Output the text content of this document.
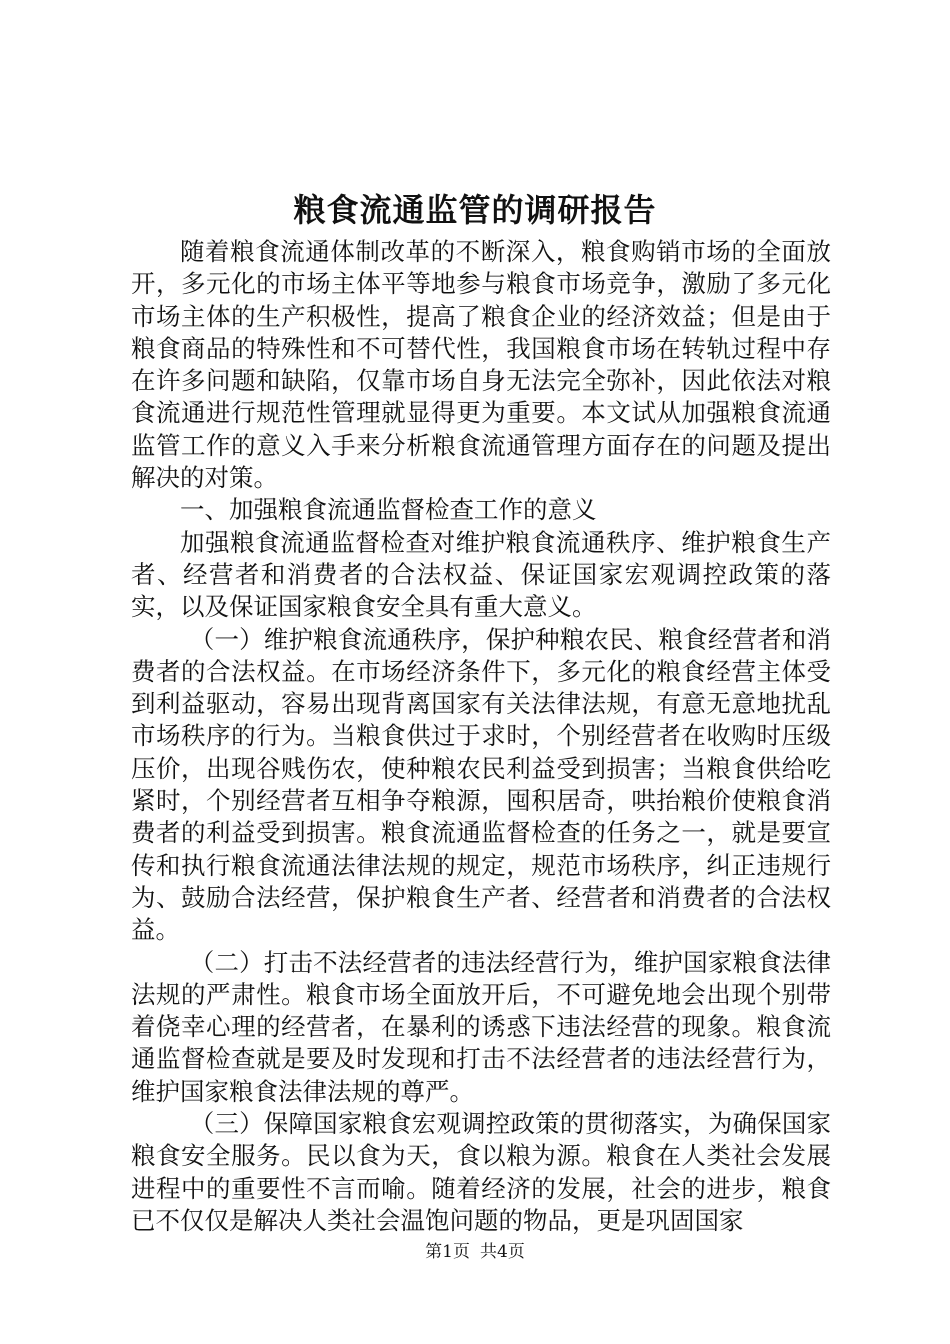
粮食流通监管的调研报告

随着粮食流通体制改革的不断深入，粮食购销市场的全面放开，多元化的市场主体平等地参与粮食市场竞争，激励了多元化市场主体的生产积极性，提高了粮食企业的经济效益；但是由于粮食商品的特殊性和不可替代性，我国粮食市场在转轨过程中存在许多问题和缺陷，仅靠市场自身无法完全弥补，因此依法对粮食流通进行规范性管理就显得更为重要。本文试从加强粮食流通监管工作的意义入手来分析粮食流通管理方面存在的问题及提出解决的对策。

一、加强粮食流通监督检查工作的意义

加强粮食流通监督检查对维护粮食流通秩序、维护粮食生产者、经营者和消费者的合法权益、保证国家宏观调控政策的落实，以及保证国家粮食安全具有重大意义。

（一）维护粮食流通秩序，保护种粮农民、粮食经营者和消费者的合法权益。在市场经济条件下，多元化的粮食经营主体受到利益驱动，容易出现背离国家有关法律法规，有意无意地扰乱市场秩序的行为。当粮食供过于求时，个别经营者在收购时压级压价，出现谷贱伤农，使种粮农民利益受到损害；当粮食供给吃紧时，个别经营者互相争夺粮源，囤积居奇，哄抬粮价使粮食消费者的利益受到损害。粮食流通监督检查的任务之一，就是要宣传和执行粮食流通法律法规的规定，规范市场秩序，纠正违规行为、鼓励合法经营，保护粮食生产者、经营者和消费者的合法权益。

（二）打击不法经营者的违法经营行为，维护国家粮食法律法规的严肃性。粮食市场全面放开后，不可避免地会出现个别带着侥幸心理的经营者，在暴利的诱惑下违法经营的现象。粮食流通监督检查就是要及时发现和打击不法经营者的违法经营行为，维护国家粮食法律法规的尊严。

（三）保障国家粮食宏观调控政策的贯彻落实，为确保国家粮食安全服务。民以食为天，食以粮为源。粮食在人类社会发展进程中的重要性不言而喻。随着经济的发展，社会的进步，粮食已不仅仅是解决人类社会温饱问题的物品，更是巩固国家

第1页 共4页
